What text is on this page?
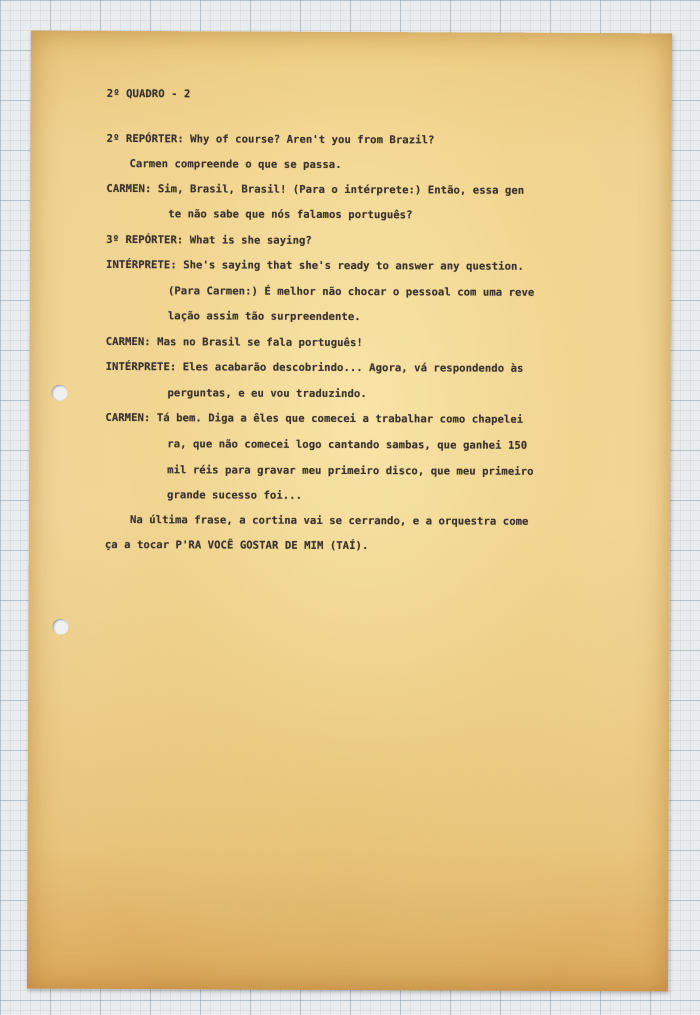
2º QUADRO - 2
2º REPÓRTER: Why of course? Aren't you from Brazil?
Carmen compreende o que se passa.
CARMEN: Sim, Brasil, Brasil! (Para o intérprete:) Então, essa gen
te não sabe que nós falamos português?
3º REPÓRTER: What is she saying?
INTÉRPRETE: She's saying that she's ready to answer any question.
(Para Carmen:) É melhor não chocar o pessoal com uma reve
lação assim tão surpreendente.
CARMEN: Mas no Brasil se fala português!
INTÉRPRETE: Eles acabarão descobrindo... Agora, vá respondendo às
perguntas, e eu vou traduzindo.
CARMEN: Tá bem. Diga a êles que comecei a trabalhar como chapelei
ra, que não comecei logo cantando sambas, que ganhei 150
mil réis para gravar meu primeiro disco, que meu primeiro
grande sucesso foi...
Na última frase, a cortina vai se cerrando, e a orquestra come
ça a tocar P'RA VOCÊ GOSTAR DE MIM (TAÍ).
